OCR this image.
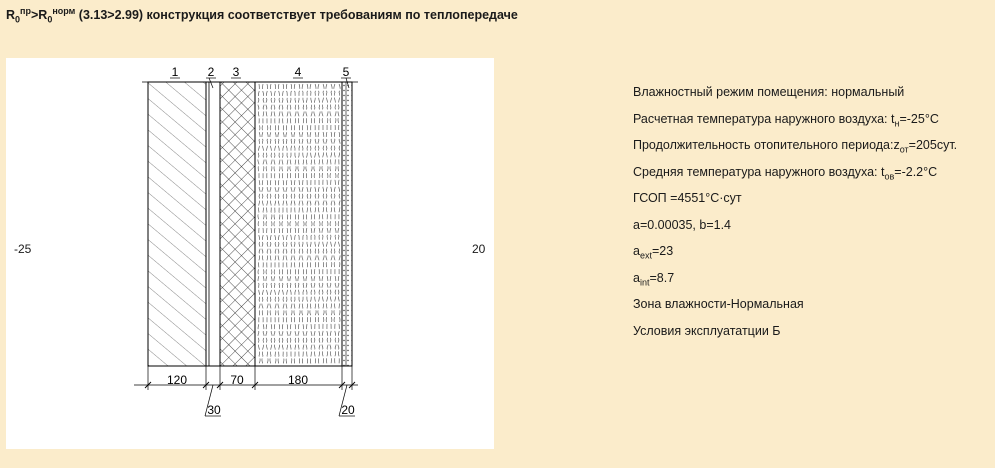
$R_0^{пр}>R_0^{норм}$ (3.13>2.99) конструкция соответствует требованиям по теплопередаче
1 2 3	4	5
120	70	180
30	20
-25	20
Влажностный режим помещения: нормальный
Расчетная температура наружного воздуха: $t_н=-25^\circ C$
Продолжительность отопительного $периода:z_{от}=205сут$.
Средняя температура наружного воздуха: $t_{ов}=-2.2^\circ C$
ГСОП =4551°C·сут
a=0.00035, b=1.4
$a_{ext}=23$
$a_{int}=8.7$
Зона влажности-Нормальная
Условия эксплуататции Б
